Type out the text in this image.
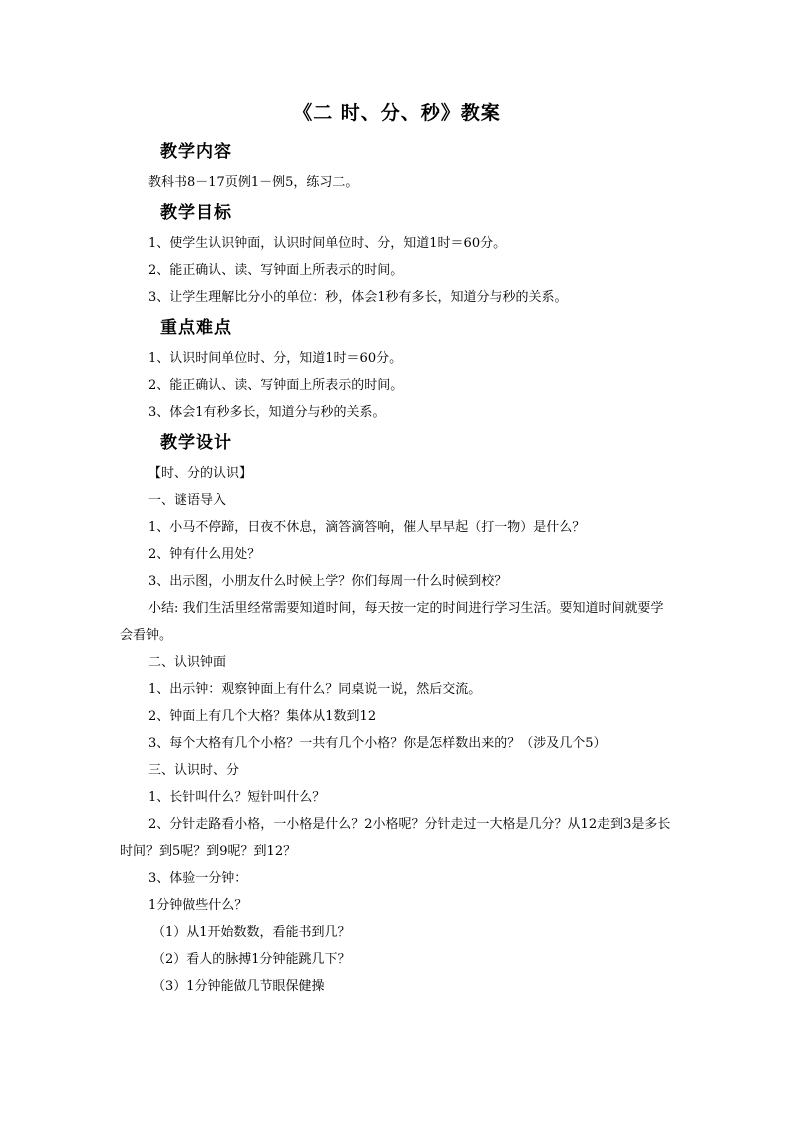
《二 时、分、秒》教案
教学内容

教科书8－17页例1－例5，练习二。

教学目标

1、使学生认识钟面，认识时间单位时、分，知道1时＝60分。

2、能正确认、读、写钟面上所表示的时间。

3、让学生理解比分小的单位：秒，体会1秒有多长，知道分与秒的关系。

重点难点

1、认识时间单位时、分，知道1时＝60分。

2、能正确认、读、写钟面上所表示的时间。

3、体会1有秒多长，知道分与秒的关系。

教学设计

【时、分的认识】

一、谜语导入

1、小马不停蹄，日夜不休息，滴答滴答响，催人早早起（打一物）是什么？

2、钟有什么用处？

3、出示图，小朋友什么时候上学？你们每周一什么时候到校？

小结: 我们生活里经常需要知道时间，每天按一定的时间进行学习生活。要知道时间就要学会看钟。

二、认识钟面

1、出示钟：观察钟面上有什么？同桌说一说，然后交流。

2、钟面上有几个大格？集体从1数到12

3、每个大格有几个小格？一共有几个小格？你是怎样数出来的？（涉及几个5）

三、认识时、分

1、长针叫什么？短针叫什么？

2、分针走路看小格，一小格是什么？2小格呢？分针走过一大格是几分？从12走到3是多长时间？到5呢？到9呢？到12？

3、体验一分钟：

1分钟做些什么？

（1）从1开始数数，看能书到几？

（2）看人的脉搏1分钟能跳几下？

（3）1分钟能做几节眼保健操
